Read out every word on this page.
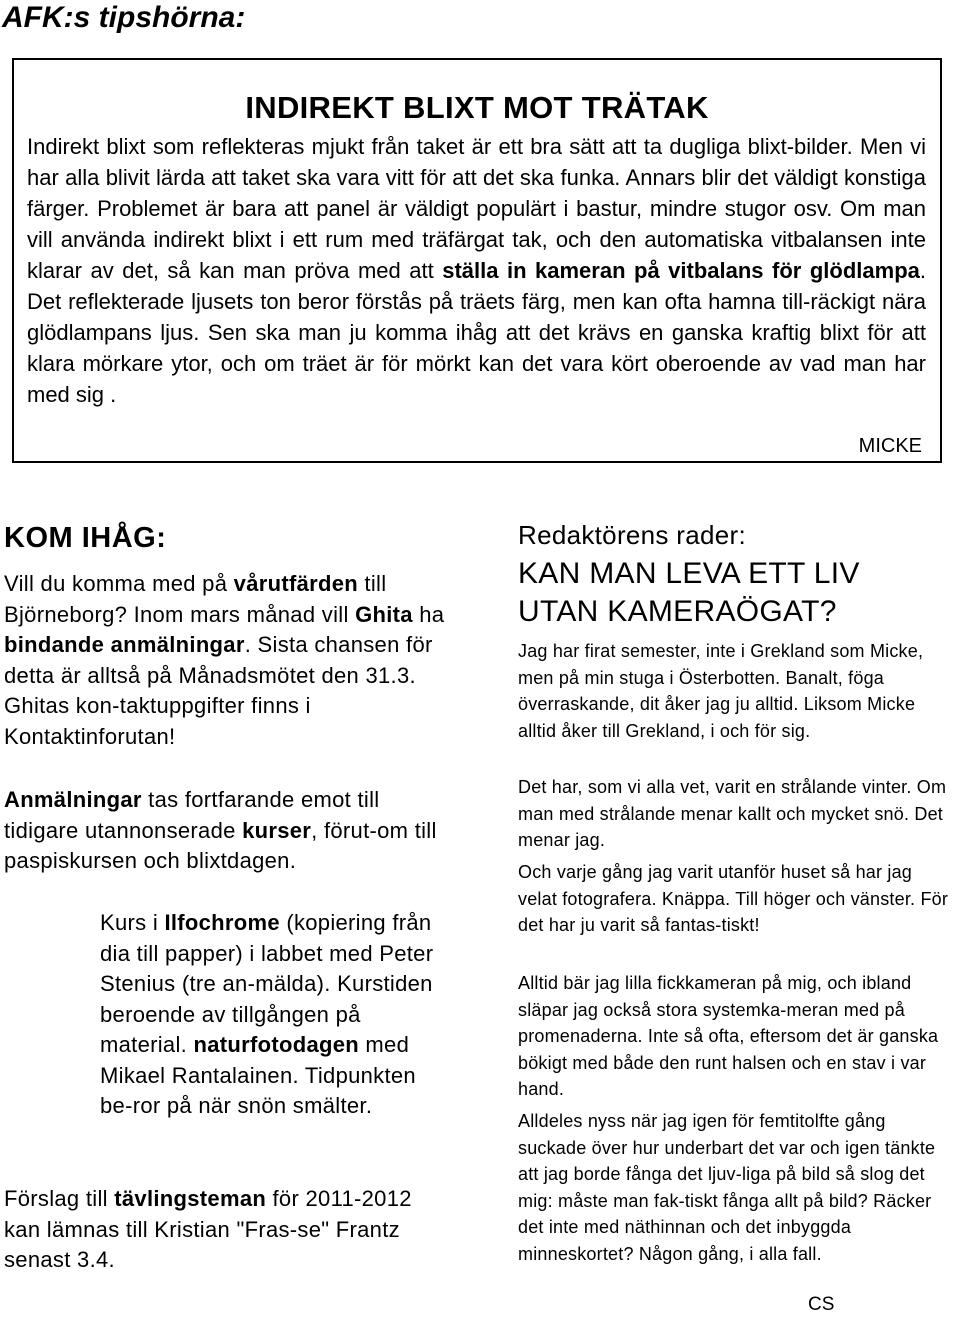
AFK:s tipshörna:
INDIREKT BLIXT MOT TRÄTAK

Indirekt blixt som reflekteras mjukt från taket är ett bra sätt att ta dugliga blixt-bilder. Men vi har alla blivit lärda att taket ska vara vitt för att det ska funka. Annars blir det väldigt konstiga färger. Problemet är bara att panel är väldigt populärt i bastur, mindre stugor osv. Om man vill använda indirekt blixt i ett rum med träfärgat tak, och den automatiska vitbalansen inte klarar av det, så kan man pröva med att ställa in kameran på vitbalans för glödlampa. Det reflekterade ljusets ton beror förstås på träets färg, men kan ofta hamna till-räckigt nära glödlampans ljus. Sen ska man ju komma ihåg att det krävs en ganska kraftig blixt för att klara mörkare ytor, och om träet är för mörkt kan det vara kört oberoende av vad man har med sig .

MICKE
KOM IHÅG:

Vill du komma med på vårutfärden till Björneborg? Inom mars månad vill Ghita ha bindande anmälningar. Sista chansen för detta är alltså på Månadsmötet den 31.3. Ghitas kon-taktuppgifter finns i Kontaktinforutan!

Anmälningar tas fortfarande emot till tidigare utannonserade kurser, förut-om till paspiskursen och blixtdagen.

Kurs i Ilfochrome (kopiering från dia till papper) i labbet med Peter Stenius (tre an-mälda). Kurstiden beroende av tillgången på material. naturfotodagen med Mikael Rantalainen. Tidpunkten be-ror på när snön smälter.

Förslag till tävlingsteman för 2011-2012 kan lämnas till Kristian "Fras-se" Frantz senast 3.4.

Redaktörens rader:

KAN MAN LEVA ETT LIV UTAN KAMERAÖGAT?

Jag har firat semester, inte i Grekland som Micke, men på min stuga i Österbotten. Banalt, föga överraskande, dit åker jag ju alltid. Liksom Micke alltid åker till Grekland, i och för sig.

Det har, som vi alla vet, varit en strålande vinter. Om man med strålande menar kallt och mycket snö. Det menar jag.

Och varje gång jag varit utanför huset så har jag velat fotografera. Knäppa. Till höger och vänster. För det har ju varit så fantas-tiskt!

Alltid bär jag lilla fickkameran på mig, och ibland släpar jag också stora systemka-meran med på promenaderna. Inte så ofta, eftersom det är ganska bökigt med både den runt halsen och en stav i var hand.

Alldeles nyss när jag igen för femtitolfte gång suckade över hur underbart det var och igen tänkte att jag borde fånga det ljuv-liga på bild så slog det mig: måste man fak-tiskt fånga allt på bild? Räcker det inte med näthinnan och det inbyggda minneskortet? Någon gång, i alla fall.

CS
